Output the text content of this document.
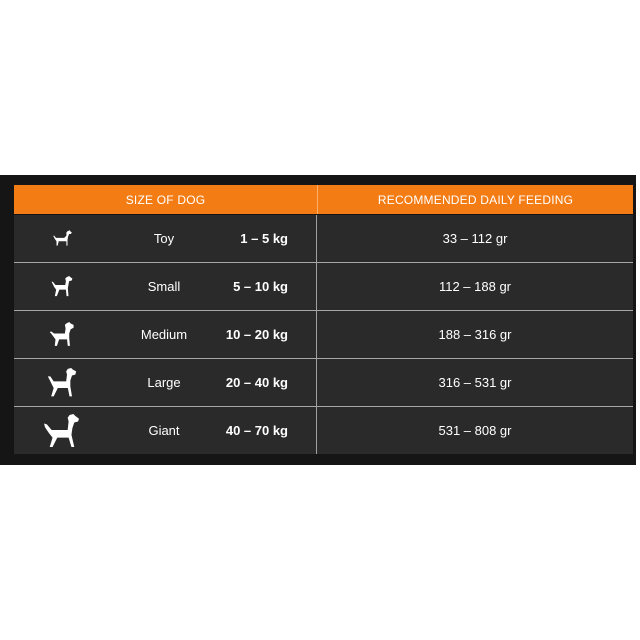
SIZE OF DOG	RECOMMENDED DAILY FEEDING
Toy	1 – 5 kg	33 – 112 gr
Small	5 – 10 kg	112 – 188 gr
Medium	10 – 20 kg	188 – 316 gr
Large	20 – 40 kg	316 – 531 gr
Giant	40 – 70 kg	531 – 808 gr
